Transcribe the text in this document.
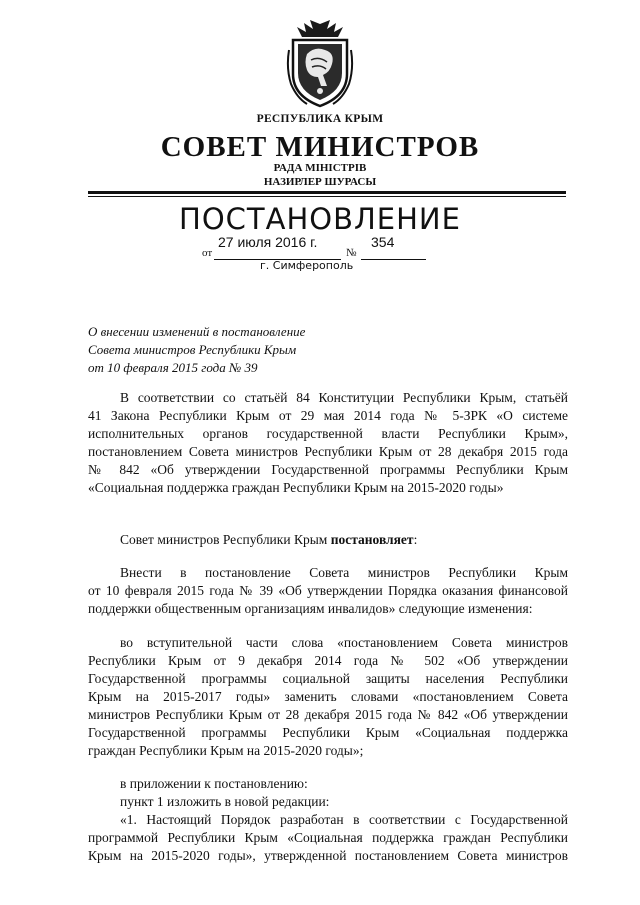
РЕСПУБЛИКА КРЫМ
СОВЕТ МИНИСТРОВ
РАДА МІНІСТРІВ
НАЗИРЛЕР ШУРАСЫ
ПОСТАНОВЛЕНИЕ
27 июля 2016 г.	354
от	№
г. Симферополь
О внесении изменений в постановление
Совета министров Республики Крым
от 10 февраля 2015 года № 39
В соответствии со статьёй 84 Конституции Республики Крым, статьёй
41 Закона Республики Крым от 29 мая 2014 года № 5-ЗРК «О системе
исполнительных органов государственной власти Республики Крым»,
постановлением Совета министров Республики Крым от 28 декабря 2015 года
№ 842 «Об утверждении Государственной программы Республики Крым
«Социальная поддержка граждан Республики Крым на 2015-2020 годы»
Совет министров Республики Крым постановляет:
Внести в постановление Совета министров Республики Крым
от 10 февраля 2015 года № 39 «Об утверждении Порядка оказания финансовой
поддержки общественным организациям инвалидов» следующие изменения:
во вступительной части слова «постановлением Совета министров
Республики Крым от 9 декабря 2014 года № 502 «Об утверждении
Государственной программы социальной защиты населения Республики
Крым на 2015-2017 годы» заменить словами «постановлением Совета
министров Республики Крым от 28 декабря 2015 года № 842 «Об утверждении
Государственной программы Республики Крым «Социальная поддержка
граждан Республики Крым на 2015-2020 годы»;
в приложении к постановлению:
пункт 1 изложить в новой редакции:
«1. Настоящий Порядок разработан в соответствии с Государственной
программой Республики Крым «Социальная поддержка граждан Республики
Крым на 2015-2020 годы», утвержденной постановлением Совета министров
